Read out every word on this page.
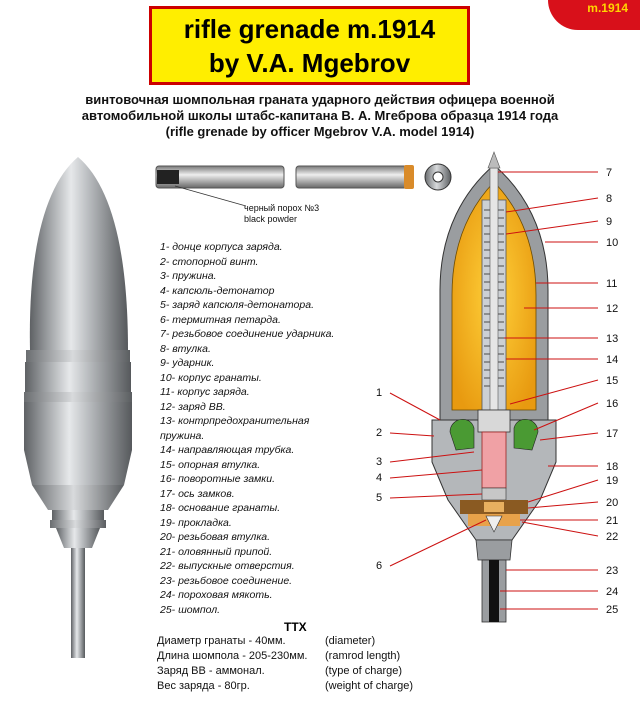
m.1914
rifle grenade m.1914
by V.A. Mgebrov
винтовочная шомпольная граната ударного действия офицера военной
автомобильной школы штабс-капитана В. А. Мгеброва образца 1914 года
(rifle grenade by officer Mgebrov V.A. model 1914)
1
2
3
4
5
6
7
8
9
10
11
12
13
14
15
16
17
18
19
20
21
22
23
24
25
черный порох №3
black powder
1- донце корпуса заряда.
2- стопорной винт.
3- пружина.
4- капсюль-детонатор
5- заряд капсюля-детонатора.
6- термитная петарда.
7- резьбовое соединение ударника.
8- втулка.
9- ударник.
10- корпус гранаты.
11- корпус заряда.
12- заряд ВВ.
13- контрпредохранительная
пружина.
14- направляющая трубка.
15- опорная втулка.
16- поворотные замки.
17- ось замков.
18- основание гранаты.
19- прокладка.
20- резьбовая втулка.
21- оловянный припой.
22- выпускные отверстия.
23- резьбовое соединение.
24- пороховая мякоть.
25- шомпол.
ТТХ
Диаметр гранаты - 40мм.	(diameter)
Длина шомпола - 205-230мм. (ramrod length)
Заряд ВВ - аммонал.	(type of charge)
Вес заряда - 80гр.	(weight of charge)
